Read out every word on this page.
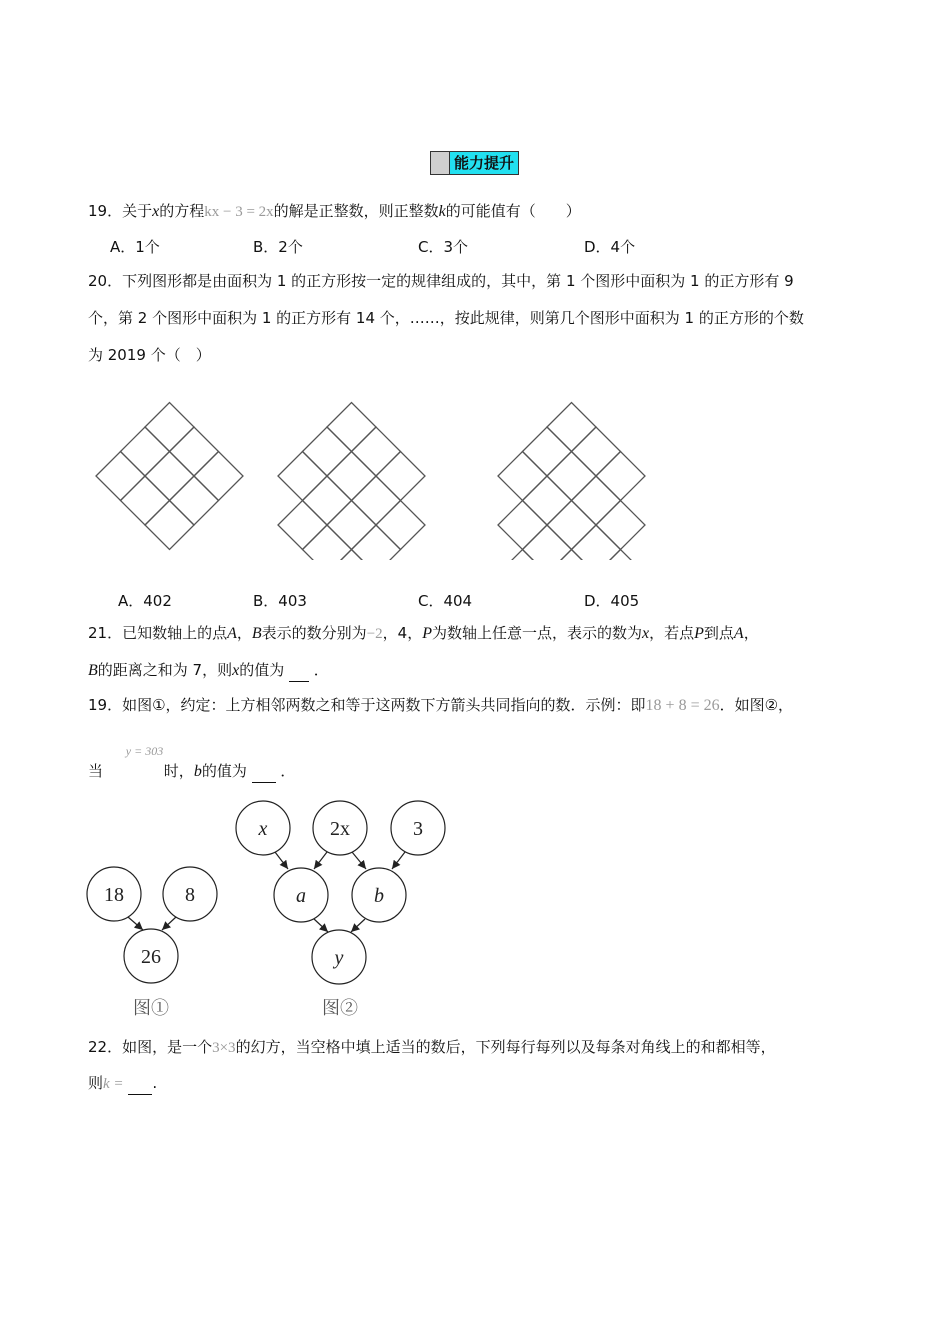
能力提升
19．关于x的方程kx − 3 = 2x的解是正整数，则正整数k的可能值有（　　）
A．1个	B．2个	C．3个	D．4个
20．下列图形都是由面积为 1 的正方形按一定的规律组成的，其中，第 1 个图形中面积为 1 的正方形有 9
个，第 2 个图形中面积为 1 的正方形有 14 个，……，按此规律，则第几个图形中面积为 1 的正方形的个数
为 2019 个（　）
A．402	B．403	C．404	D．405
21．已知数轴上的点A，B表示的数分别为−2，4，P为数轴上任意一点，表示的数为x，若点P到点A，
B的距离之和为 7，则x的值为 ．
19．如图①，约定：上方相邻两数之和等于这两数下方箭头共同指向的数．示例：即18 + 8 = 26．如图②，
当
y = 303
时，b的值为 ．
18	8
26
x	2x	3
a	b
y
图①	图②
22．如图，是一个3×3的幻方，当空格中填上适当的数后，下列每行每列以及每条对角线上的和都相等，
则k = .
